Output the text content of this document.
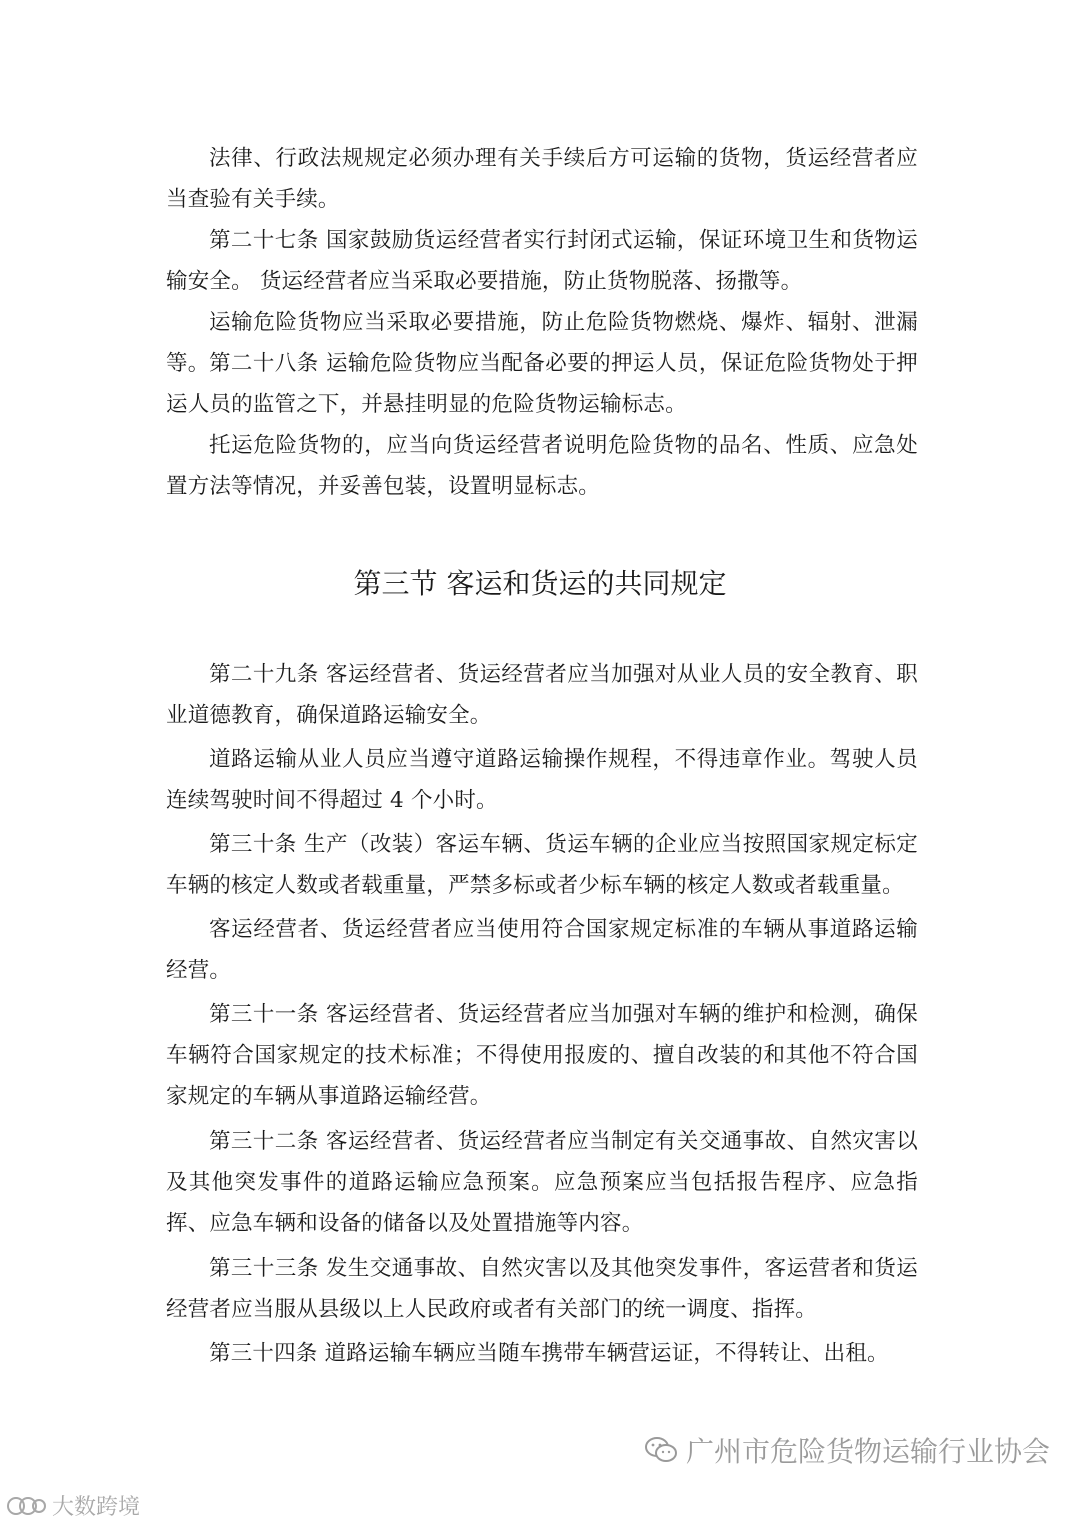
法律、行政法规规定必须办理有关手续后方可运输的货物，货运经营者应当查验有关手续。

第二十七条 国家鼓励货运经营者实行封闭式运输，保证环境卫生和货物运输安全。 货运经营者应当采取必要措施，防止货物脱落、扬撒等。

运输危险货物应当采取必要措施，防止危险货物燃烧、爆炸、辐射、泄漏等。 第二十八条 运输危险货物应当配备必要的押运人员，保证危险货物处于押运人员的监管之下，并悬挂明显的危险货物运输标志。

托运危险货物的，应当向货运经营者说明危险货物的品名、性质、应急处置方法等情况，并妥善包装，设置明显标志。

第三节 客运和货运的共同规定

第二十九条 客运经营者、货运经营者应当加强对从业人员的安全教育、职业道德教育，确保道路运输安全。

道路运输从业人员应当遵守道路运输操作规程，不得违章作业。驾驶人员连续驾驶时间不得超过 4 个小时。

第三十条 生产（改装）客运车辆、货运车辆的企业应当按照国家规定标定车辆的核定人数或者载重量，严禁多标或者少标车辆的核定人数或者载重量。

客运经营者、货运经营者应当使用符合国家规定标准的车辆从事道路运输经营。

第三十一条 客运经营者、货运经营者应当加强对车辆的维护和检测，确保车辆符合国家规定的技术标准；不得使用报废的、擅自改装的和其他不符合国家规定的车辆从事道路运输经营。

第三十二条 客运经营者、货运经营者应当制定有关交通事故、自然灾害以及其他突发事件的道路运输应急预案。应急预案应当包括报告程序、应急指挥、应急车辆和设备的储备以及处置措施等内容。

第三十三条 发生交通事故、自然灾害以及其他突发事件，客运营者和货运经营者应当服从县级以上人民政府或者有关部门的统一调度、指挥。

第三十四条 道路运输车辆应当随车携带车辆营运证，不得转让、出租。

广州市危险货物运输行业协会
大数跨境
